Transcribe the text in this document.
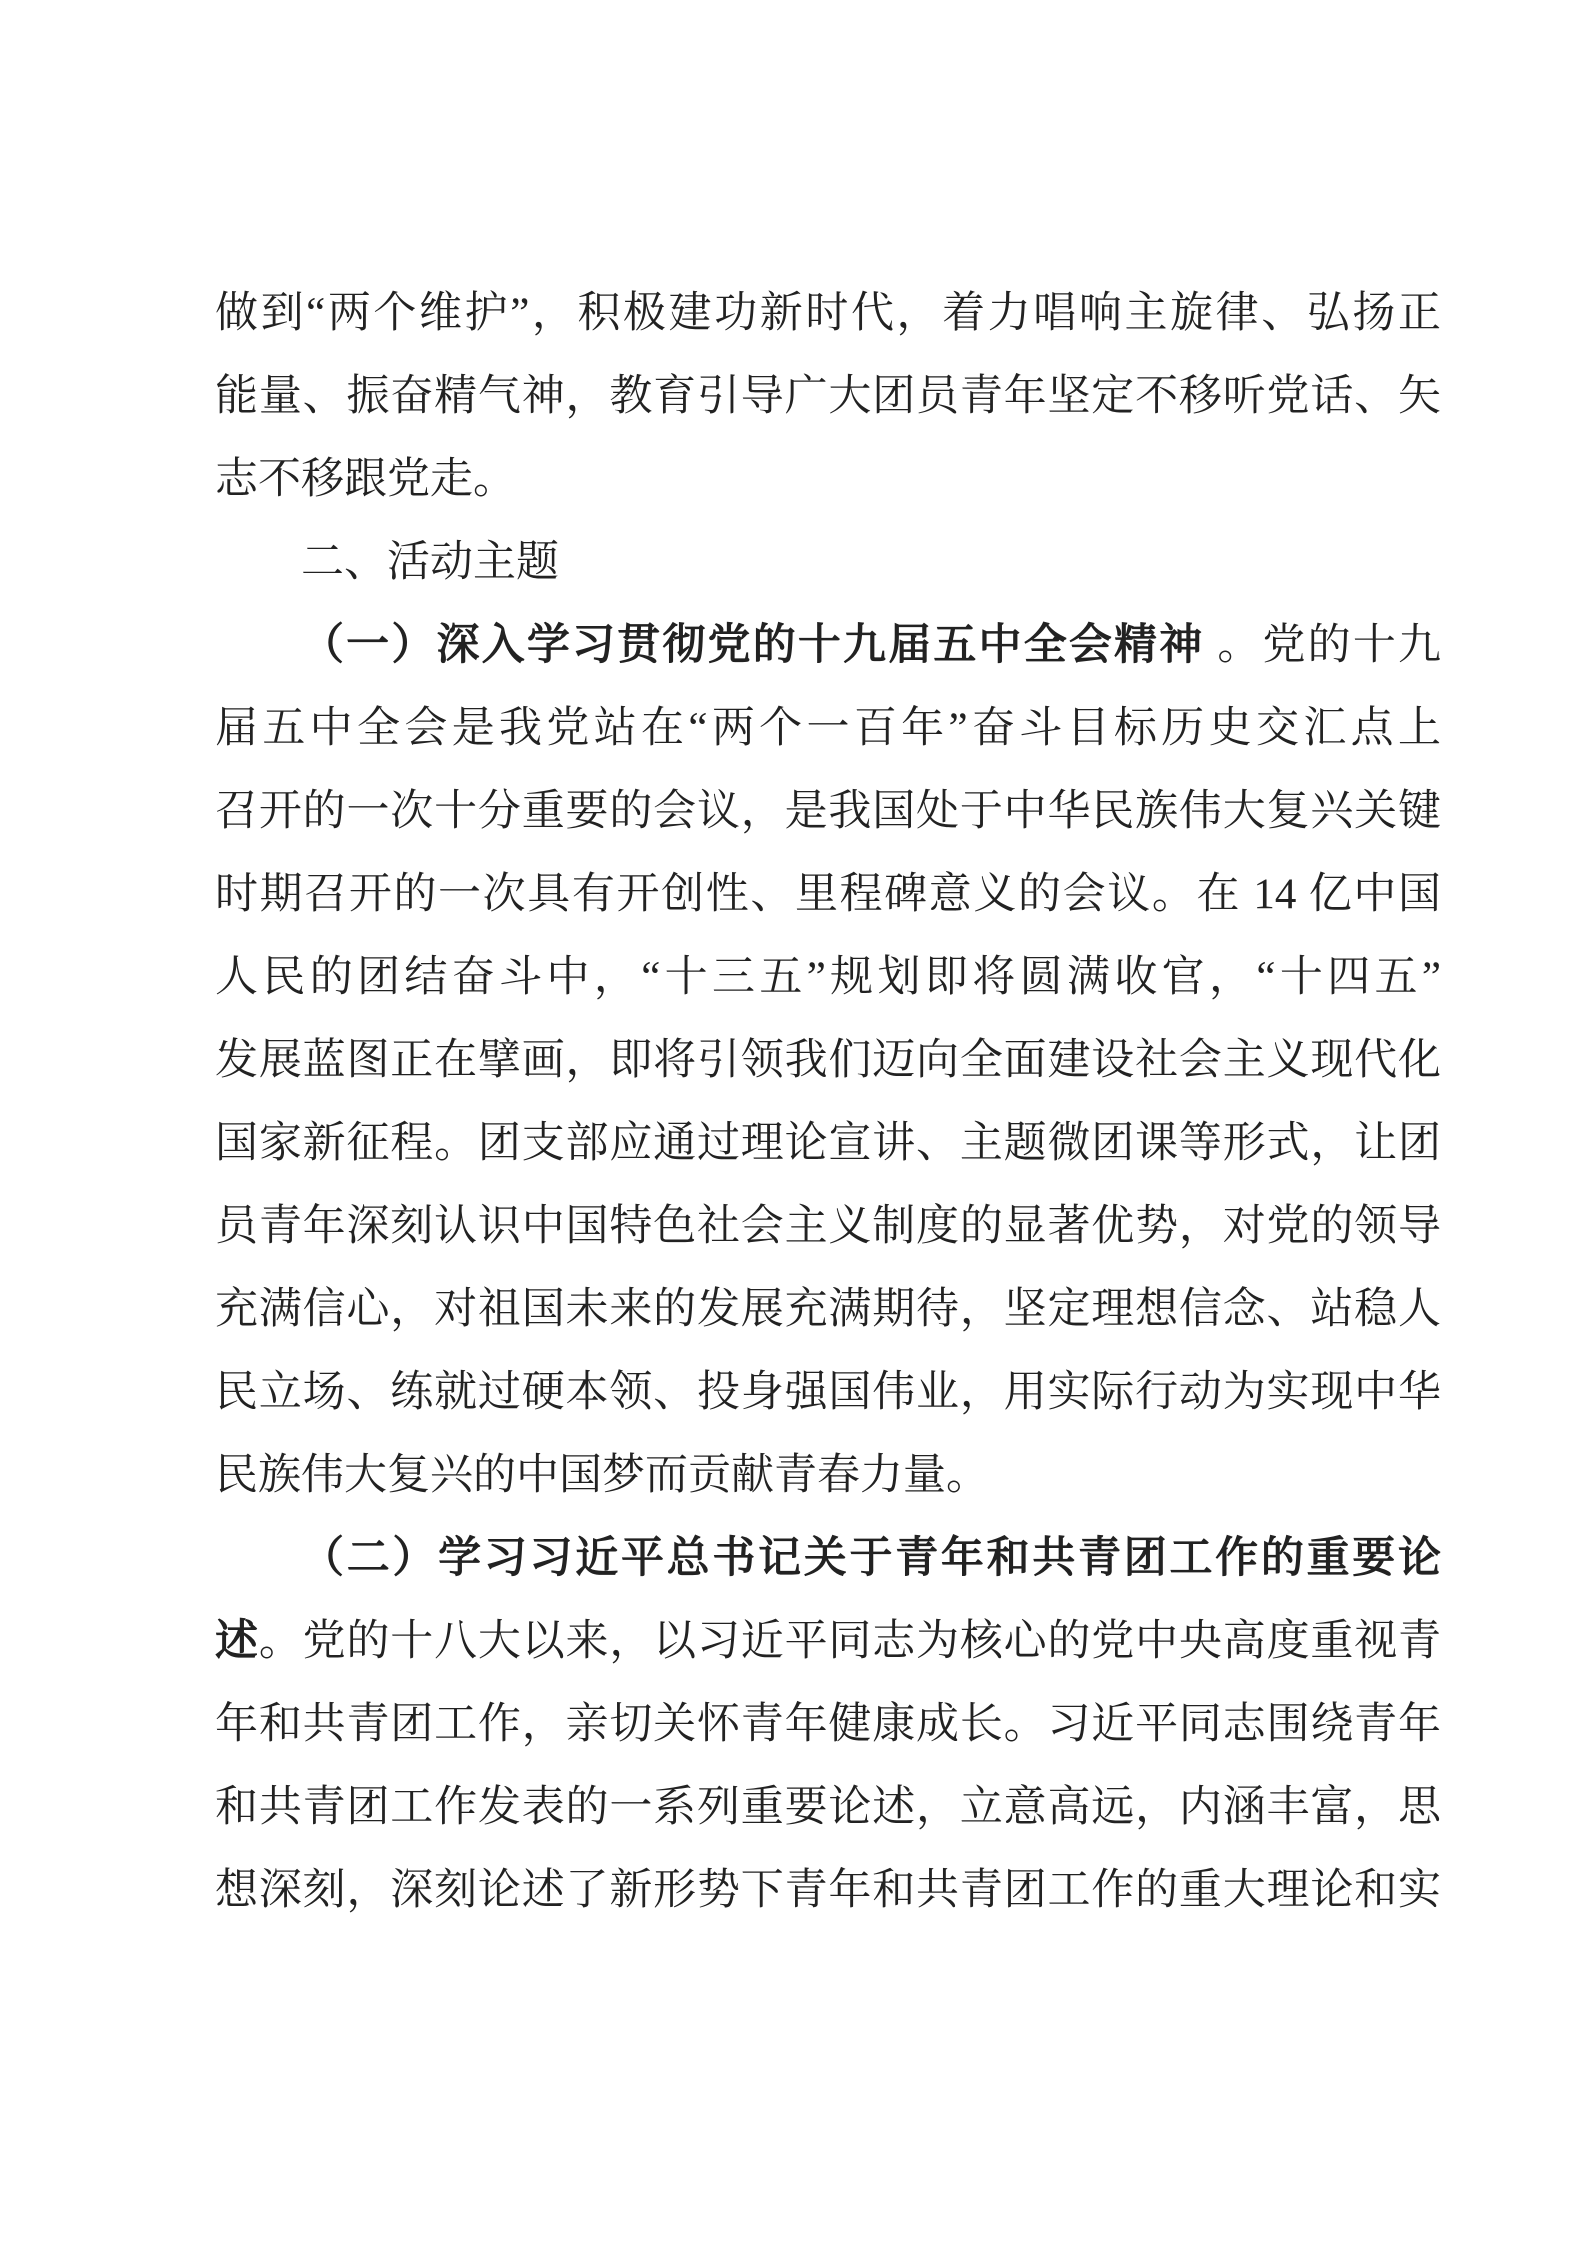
做到“两个维护”，积极建功新时代，着力唱响主旋律、弘扬正
能量、振奋精气神，教育引导广大团员青年坚定不移听党话、矢
志不移跟党走。
二、活动主题
（一）深入学习贯彻党的十九届五中全会精神 。党的十九
届五中全会是我党站在“两个一百年”奋斗目标历史交汇点上
召开的一次十分重要的会议，是我国处于中华民族伟大复兴关键
时期召开的一次具有开创性、里程碑意义的会议。在 14 亿中国
人民的团结奋斗中，“十三五”规划即将圆满收官，“十四五”
发展蓝图正在擘画，即将引领我们迈向全面建设社会主义现代化
国家新征程。团支部应通过理论宣讲、主题微团课等形式，让团
员青年深刻认识中国特色社会主义制度的显著优势，对党的领导
充满信心，对祖国未来的发展充满期待，坚定理想信念、站稳人
民立场、练就过硬本领、投身强国伟业，用实际行动为实现中华
民族伟大复兴的中国梦而贡献青春力量。
（二）学习习近平总书记关于青年和共青团工作的重要论
述。党的十八大以来，以习近平同志为核心的党中央高度重视青
年和共青团工作，亲切关怀青年健康成长。习近平同志围绕青年
和共青团工作发表的一系列重要论述，立意高远，内涵丰富，思
想深刻，深刻论述了新形势下青年和共青团工作的重大理论和实
